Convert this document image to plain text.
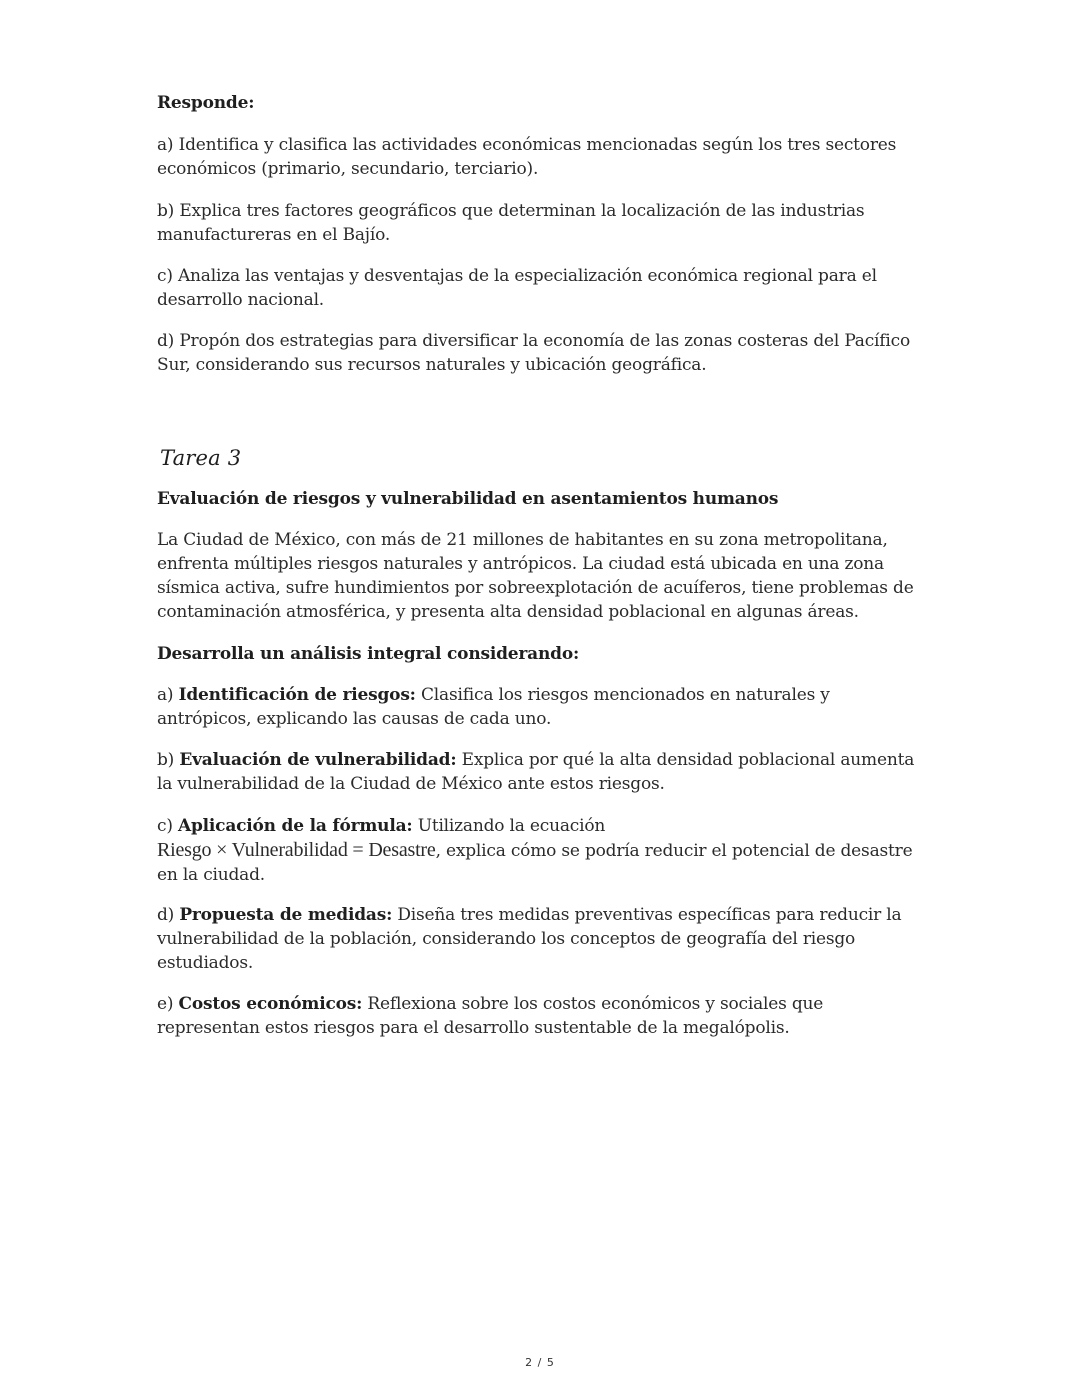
Responde:
a) Identifica y clasifica las actividades económicas mencionadas según los tres sectores económicos (primario, secundario, terciario).
b) Explica tres factores geográficos que determinan la localización de las industrias manufactureras en el Bajío.
c) Analiza las ventajas y desventajas de la especialización económica regional para el desarrollo nacional.
d) Propón dos estrategias para diversificar la economía de las zonas costeras del Pacífico Sur, considerando sus recursos naturales y ubicación geográfica.
Tarea 3
Evaluación de riesgos y vulnerabilidad en asentamientos humanos
La Ciudad de México, con más de 21 millones de habitantes en su zona metropolitana, enfrenta múltiples riesgos naturales y antrópicos. La ciudad está ubicada en una zona sísmica activa, sufre hundimientos por sobreexplotación de acuíferos, tiene problemas de contaminación atmosférica, y presenta alta densidad poblacional en algunas áreas.
Desarrolla un análisis integral considerando:
a) Identificación de riesgos: Clasifica los riesgos mencionados en naturales y antrópicos, explicando las causas de cada uno.
b) Evaluación de vulnerabilidad: Explica por qué la alta densidad poblacional aumenta la vulnerabilidad de la Ciudad de México ante estos riesgos.
c) Aplicación de la fórmula: Utilizando la ecuación
Riesgo × Vulnerabilidad = Desastre, explica cómo se podría reducir el potencial de desastre en la ciudad.
d) Propuesta de medidas: Diseña tres medidas preventivas específicas para reducir la vulnerabilidad de la población, considerando los conceptos de geografía del riesgo estudiados.
e) Costos económicos: Reflexiona sobre los costos económicos y sociales que representan estos riesgos para el desarrollo sustentable de la megalópolis.
2 / 5
